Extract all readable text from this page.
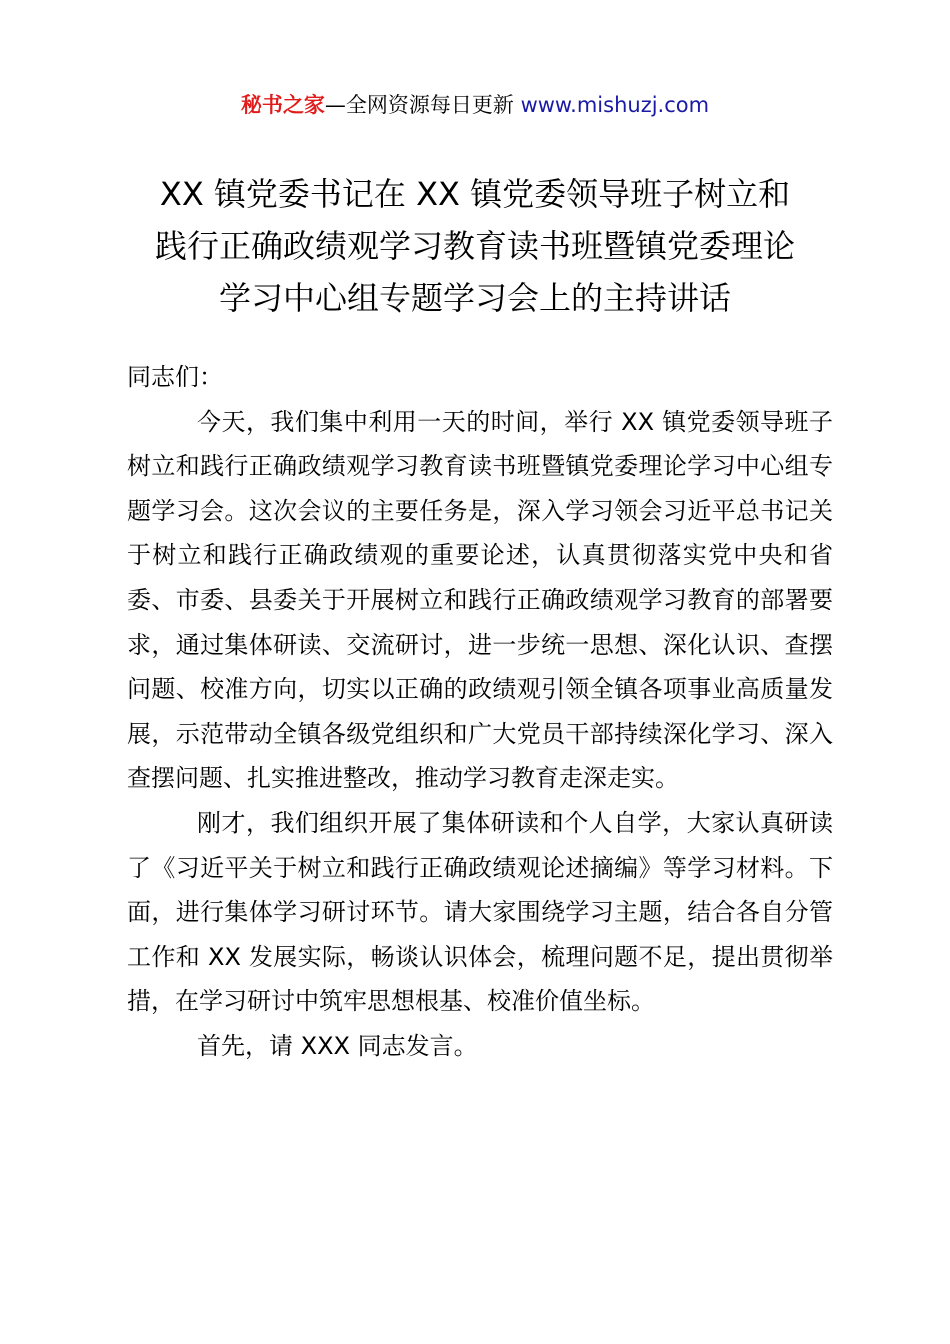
秘书之家—全网资源每日更新 www.mishuzj.com
XX 镇党委书记在 XX 镇党委领导班子树立和
践行正确政绩观学习教育读书班暨镇党委理论
学习中心组专题学习会上的主持讲话

同志们：

今天，我们集中利用一天的时间，举行 XX 镇党委领导班子树立和践行正确政绩观学习教育读书班暨镇党委理论学习中心组专题学习会。这次会议的主要任务是，深入学习领会习近平总书记关于树立和践行正确政绩观的重要论述，认真贯彻落实党中央和省委、市委、县委关于开展树立和践行正确政绩观学习教育的部署要求，通过集体研读、交流研讨，进一步统一思想、深化认识、查摆问题、校准方向，切实以正确的政绩观引领全镇各项事业高质量发展，示范带动全镇各级党组织和广大党员干部持续深化学习、深入查摆问题、扎实推进整改，推动学习教育走深走实。

刚才，我们组织开展了集体研读和个人自学，大家认真研读了《习近平关于树立和践行正确政绩观论述摘编》等学习材料。下面，进行集体学习研讨环节。请大家围绕学习主题，结合各自分管工作和 XX 发展实际，畅谈认识体会，梳理问题不足，提出贯彻举措，在学习研讨中筑牢思想根基、校准价值坐标。

首先，请 XXX 同志发言。
